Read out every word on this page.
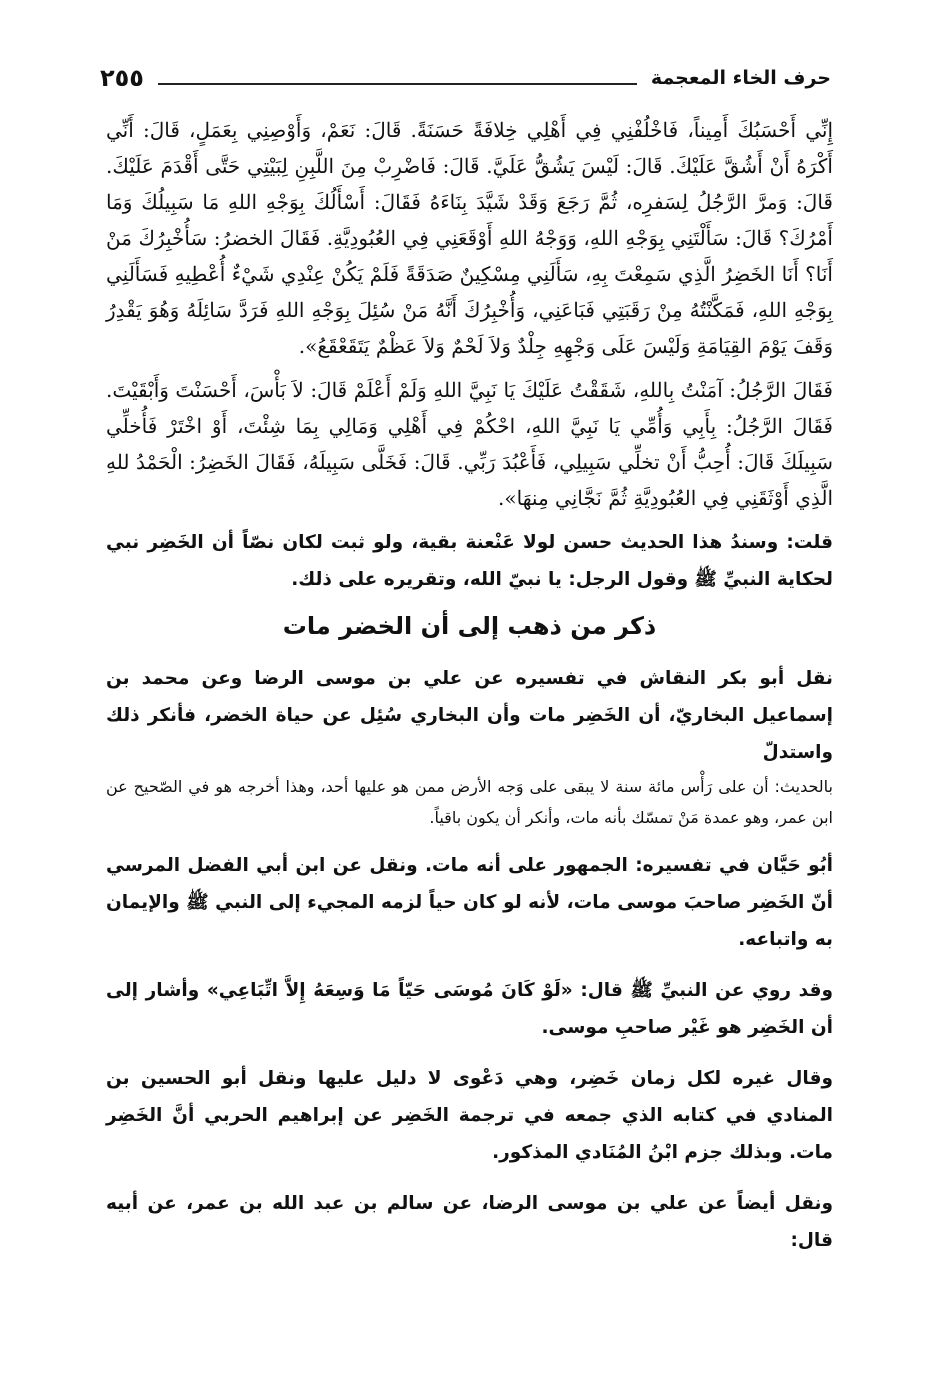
حرف الخاء المعجمة
٢٥٥

إِنِّي أَحْسَبُكَ أَمِيناً، فَاخْلُفْنِي فِي أَهْلِي خِلافَةً حَسَنَةً. قَالَ: نَعَمْ، وَأَوْصِنِي بِعَمَلٍ، قَالَ: أَنِّي أَكْرَهُ أَنْ أَشُقَّ عَلَيْكَ. قَالَ: لَيْسَ يَشُقُّ عَلَيَّ. قَالَ: فَاضْرِبْ مِنَ اللَّبِنِ لِبَيْتِي حَتَّى أَقْدَمَ عَلَيْكَ. قَالَ: وَمرَّ الرَّجُلُ لِسَفرِه، ثُمَّ رَجَعَ وَقَدْ شَيَّدَ بِنَاءَهُ فَقَالَ: أَسْأَلُكَ بِوَجْهِ اللهِ مَا سَبِيلُكَ وَمَا أَمْرُكَ؟ قَالَ: سَأَلْتَنِي بِوَجْهِ اللهِ، وَوَجْهُ اللهِ أَوْقَعَنِي فِي العُبُودِيَّةِ. فَقَالَ الخضرُ: سَأُخْبِرُكَ مَنْ أَنَا؟ أَنَا الخَضِرُ الَّذِي سَمِعْتَ بِهِ، سَأَلَنِي مِسْكِينٌ صَدَقَةً فَلَمْ يَكُنْ عِنْدِي شَيْءٌ أُعْطِيهِ فَسَأَلَنِي بِوَجْهِ اللهِ، فَمَكَّنْتُهُ مِنْ رَقَبَتِي فَبَاعَنِي، وَأُخْبِرُكَ أَنَّهُ مَنْ سُئِلَ بِوَجْهِ اللهِ فَرَدَّ سَائِلَهُ وَهُوَ يَقْدِرُ وَقَفَ يَوْمَ القِيَامَةِ وَلَيْسَ عَلَى وَجْهِهِ جِلْدٌ وَلاَ لَحْمٌ وَلاَ عَظْمٌ يَتَقَعْقَعُ».

فَقَالَ الرَّجُلُ: آمَنْتُ بِاللهِ، شَقَقْتُ عَلَيْكَ يَا نَبِيَّ اللهِ وَلَمْ أَعْلَمْ قَالَ: لاَ بَأْسَ، أَحْسَنْتَ وَأَبْقَيْتَ. فَقَالَ الرَّجُلُ: بِأَبِي وَأُمِّي يَا نَبِيَّ اللهِ، احْكُمْ فِي أَهْلِي وَمَالِي بِمَا شِئْتَ، أَوْ اخْتَرْ فَأُخلِّي سَبِيلَكَ قَالَ: أُحِبُّ أَنْ تخلِّي سَبِيلِي، فَأَعْبُدَ رَبِّي. قَالَ: فَخَلَّى سَبِيلَهُ، فَقَالَ الخَضِرُ: الْحَمْدُ للهِ الَّذِي أَوْثَقَنِي فِي العُبُودِيَّةِ ثُمَّ نَجَّانِي مِنهَا».

قلت: وسندُ هذا الحديث حسن لولا عَنْعنة بقية، ولو ثبت لكان نصّاً أن الخَضِر نبي لحكاية النبيِّ ﷺ وقول الرجل: يا نبيّ الله، وتقريره على ذلك.

ذكر من ذهب إلى أن الخضر مات

نقل أبو بكر النقاش في تفسيره عن علي بن موسى الرضا وعن محمد بن إسماعيل البخاريّ، أن الخَضِر مات وأن البخاري سُئِل عن حياة الخضر، فأنكر ذلك واستدلّ

بالحديث: أن على رَأْس مائة سنة لا يبقى على وَجه الأرض ممن هو عليها أحد، وهذا أخرجه هو في الصّحيح عن ابن عمر، وهو عمدة مَنْ تمسّك بأنه مات، وأنكر أن يكون باقياً.

أبُو حَيَّان في تفسيره: الجمهور على أنه مات. ونقل عن ابن أبي الفضل المرسي أنّ الخَضِر صاحبَ موسى مات، لأنه لو كان حياً لزمه المجيء إلى النبي ﷺ والإيمان به واتباعه.

وقد روي عن النبيِّ ﷺ قال: «لَوْ كَانَ مُوسَى حَيّاً مَا وَسِعَهُ إِلاَّ اتِّبَاعِي» وأشار إلى أن الخَضِر هو غَيْر صاحبِ موسى.

وقال غيره لكل زمان خَضِر، وهي دَعْوى لا دليل عليها ونقل أبو الحسين بن المنادي في كتابه الذي جمعه في ترجمة الخَضِر عن إبراهيم الحربي أنَّ الخَضِر مات. وبذلك جزم ابْنُ المُنَادي المذكور.

ونقل أيضاً عن علي بن موسى الرضا، عن سالم بن عبد الله بن عمر، عن أبيه قال:
